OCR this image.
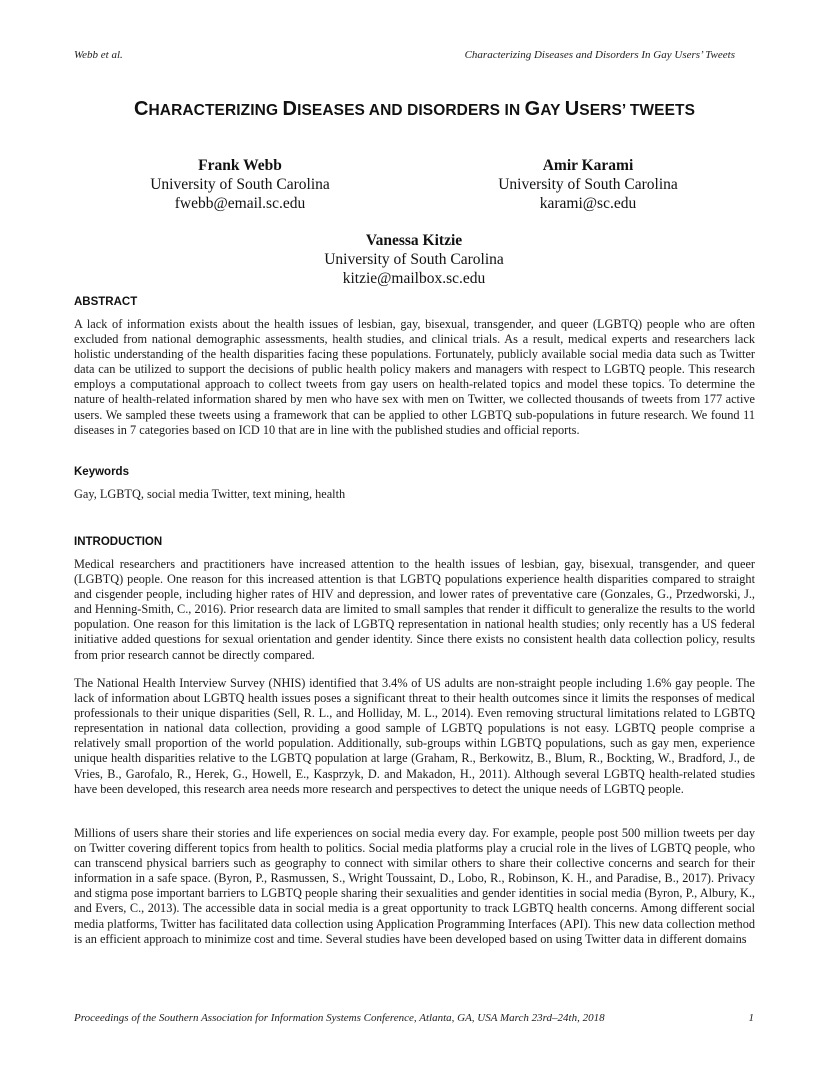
Webb et al.	Characterizing Diseases and Disorders In Gay Users’ Tweets
CHARACTERIZING DISEASES AND DISORDERS IN GAY USERS’ TWEETS
Frank Webb
University of South Carolina
fwebb@email.sc.edu
Amir Karami
University of South Carolina
karami@sc.edu
Vanessa Kitzie
University of South Carolina
kitzie@mailbox.sc.edu
ABSTRACT
A lack of information exists about the health issues of lesbian, gay, bisexual, transgender, and queer (LGBTQ) people who are often excluded from national demographic assessments, health studies, and clinical trials. As a result, medical experts and researchers lack holistic understanding of the health disparities facing these populations. Fortunately, publicly available social media data such as Twitter data can be utilized to support the decisions of public health policy makers and managers with respect to LGBTQ people. This research employs a computational approach to collect tweets from gay users on health-related topics and model these topics. To determine the nature of health-related information shared by men who have sex with men on Twitter, we collected thousands of tweets from 177 active users. We sampled these tweets using a framework that can be applied to other LGBTQ sub-populations in future research. We found 11 diseases in 7 categories based on ICD 10 that are in line with the published studies and official reports.
Keywords
Gay, LGBTQ, social media Twitter, text mining, health
INTRODUCTION
Medical researchers and practitioners have increased attention to the health issues of lesbian, gay, bisexual, transgender, and queer (LGBTQ) people. One reason for this increased attention is that LGBTQ populations experience health disparities compared to straight and cisgender people, including higher rates of HIV and depression, and lower rates of preventative care (Gonzales, G., Przedworski, J., and Henning-Smith, C., 2016). Prior research data are limited to small samples that render it difficult to generalize the results to the world population. One reason for this limitation is the lack of LGBTQ representation in national health studies; only recently has a US federal initiative added questions for sexual orientation and gender identity. Since there exists no consistent health data collection policy, results from prior research cannot be directly compared.
The National Health Interview Survey (NHIS) identified that 3.4% of US adults are non-straight people including 1.6% gay people. The lack of information about LGBTQ health issues poses a significant threat to their health outcomes since it limits the responses of medical professionals to their unique disparities (Sell, R. L., and Holliday, M. L., 2014). Even removing structural limitations related to LGBTQ representation in national data collection, providing a good sample of LGBTQ populations is not easy. LGBTQ people comprise a relatively small proportion of the world population. Additionally, sub-groups within LGBTQ populations, such as gay men, experience unique health disparities relative to the LGBTQ population at large (Graham, R., Berkowitz, B., Blum, R., Bockting, W., Bradford, J., de Vries, B., Garofalo, R., Herek, G., Howell, E., Kasprzyk, D. and Makadon, H., 2011). Although several LGBTQ health-related studies have been developed, this research area needs more research and perspectives to detect the unique needs of LGBTQ people.
Millions of users share their stories and life experiences on social media every day. For example, people post 500 million tweets per day on Twitter covering different topics from health to politics. Social media platforms play a crucial role in the lives of LGBTQ people, who can transcend physical barriers such as geography to connect with similar others to share their collective concerns and search for their information in a safe space. (Byron, P., Rasmussen, S., Wright Toussaint, D., Lobo, R., Robinson, K. H., and Paradise, B., 2017). Privacy and stigma pose important barriers to LGBTQ people sharing their sexualities and gender identities in social media (Byron, P., Albury, K., and Evers, C., 2013). The accessible data in social media is a great opportunity to track LGBTQ health concerns. Among different social media platforms, Twitter has facilitated data collection using Application Programming Interfaces (API). This new data collection method is an efficient approach to minimize cost and time. Several studies have been developed based on using Twitter data in different domains
Proceedings of the Southern Association for Information Systems Conference, Atlanta, GA, USA March 23rd–24th, 2018	1
